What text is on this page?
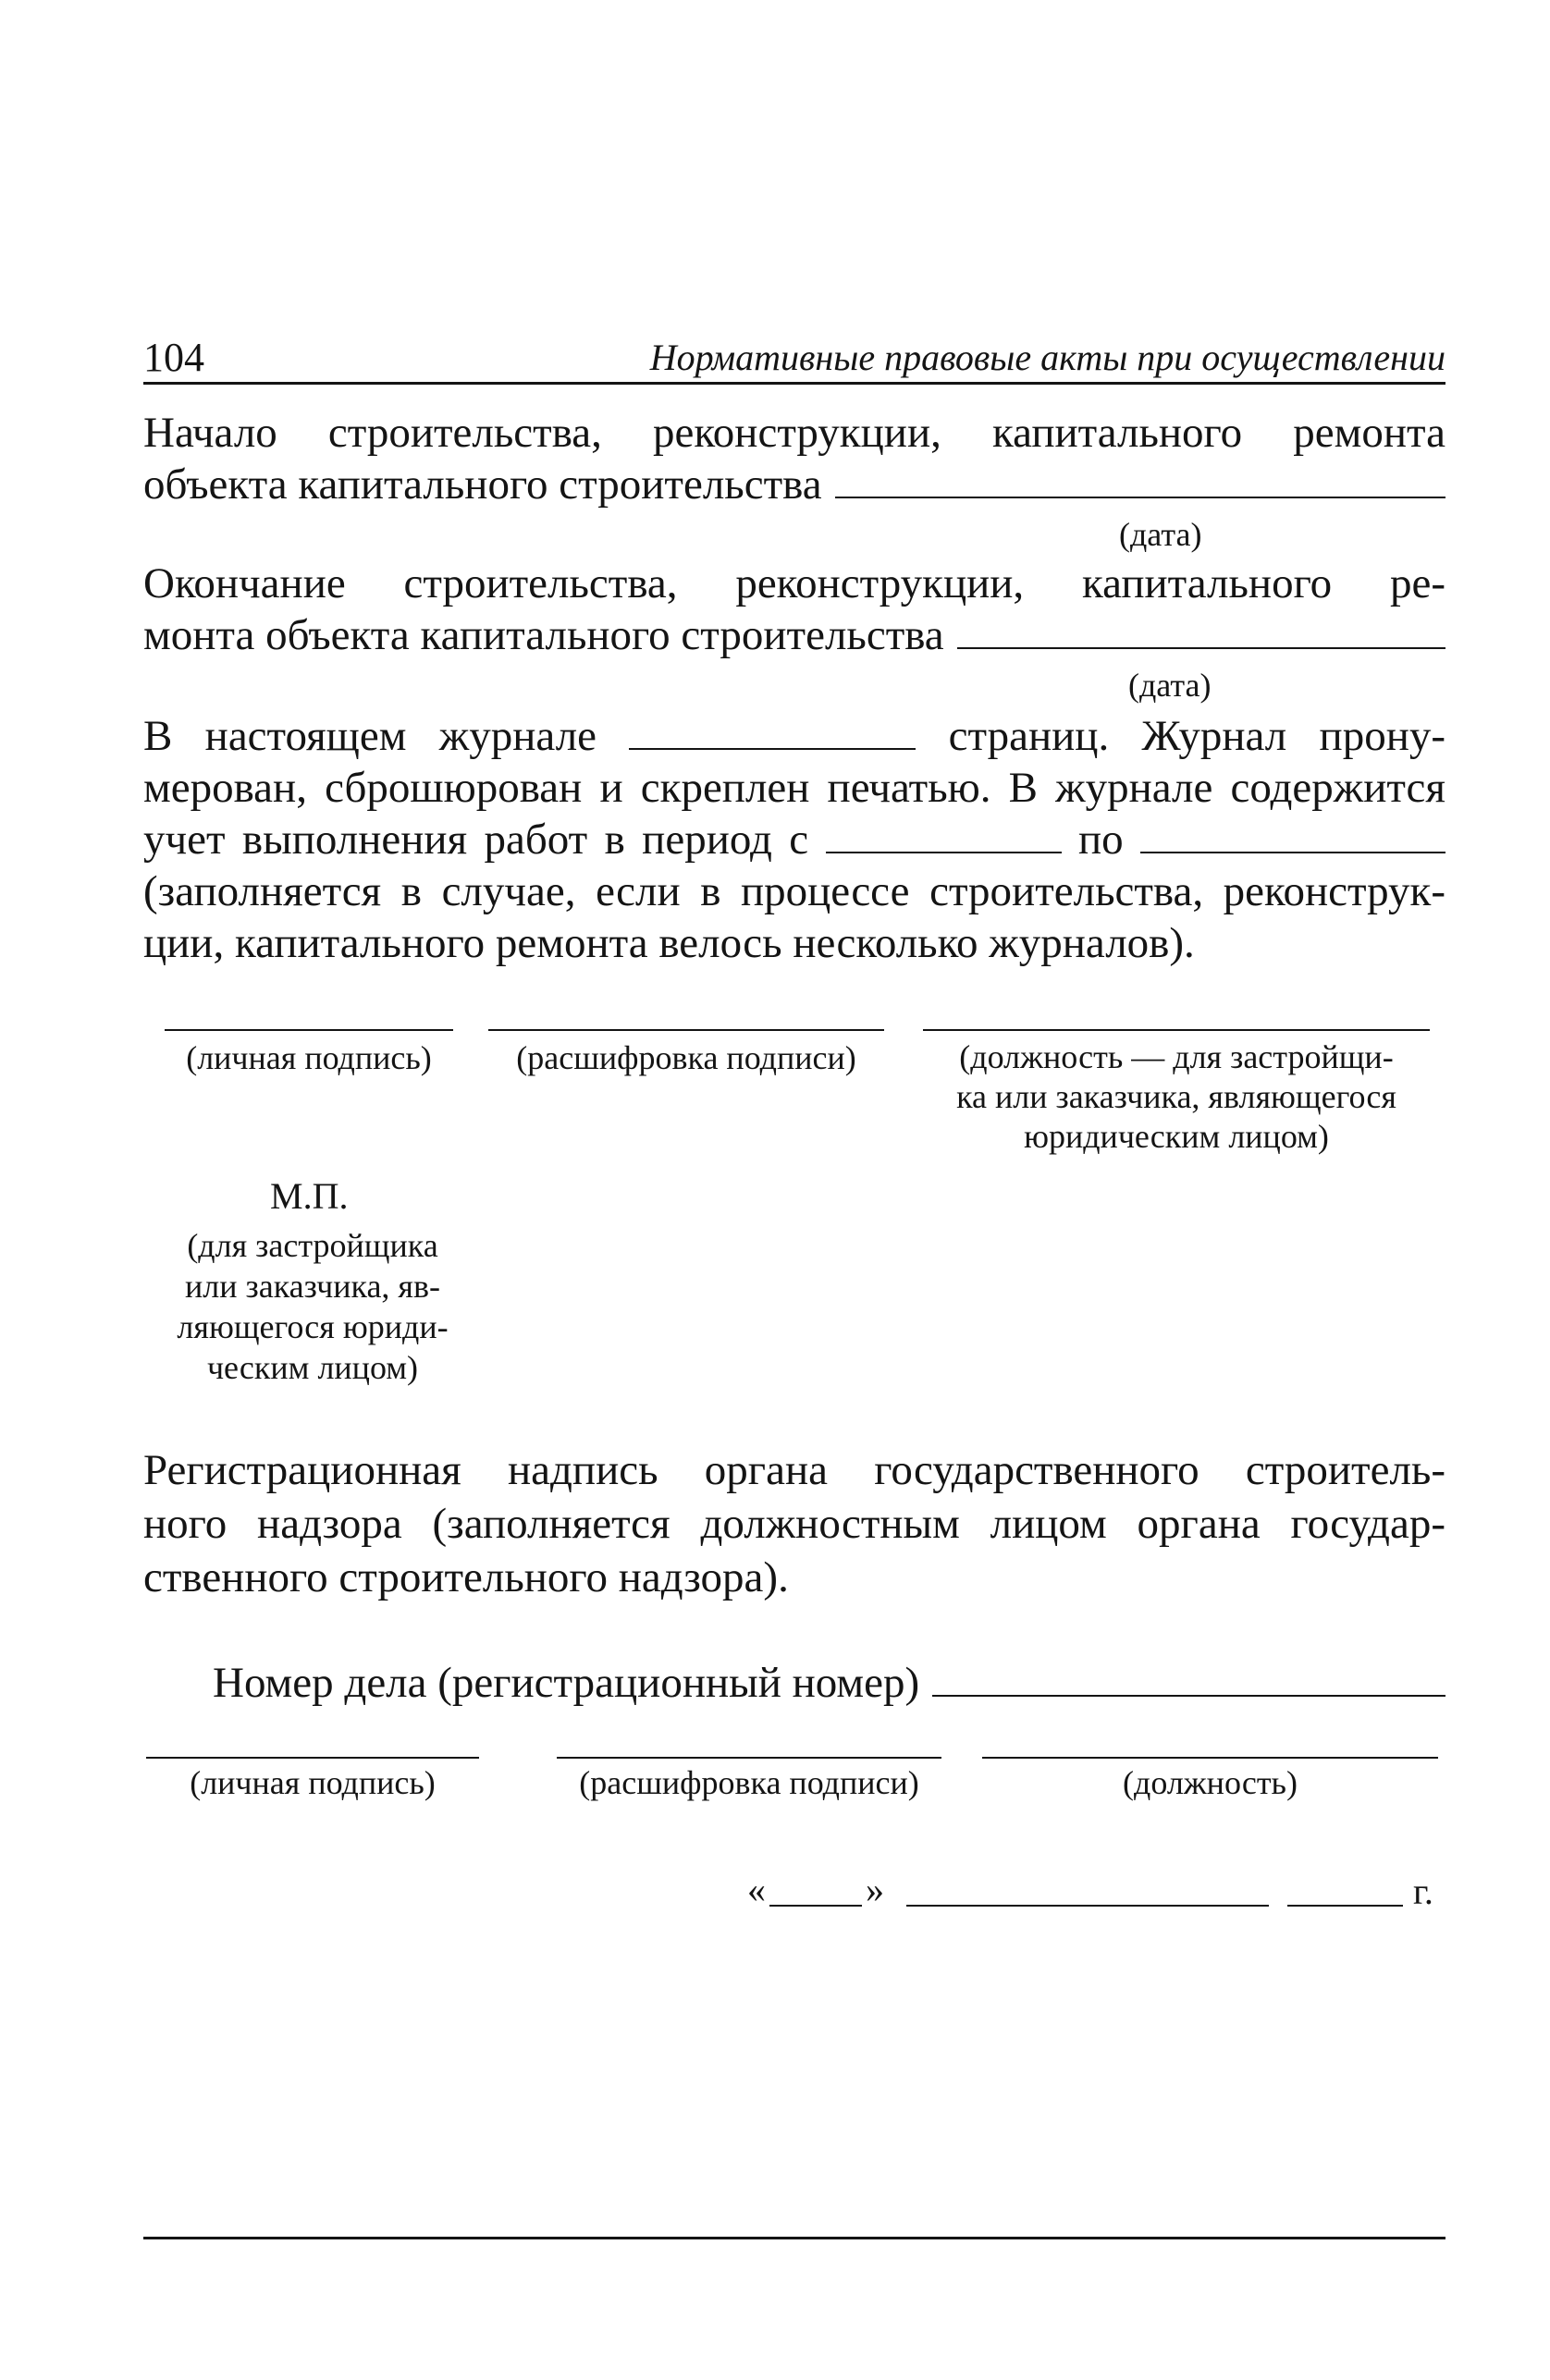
104	Нормативные правовые акты при осуществлении
Начало строительства, реконструкции, капитального ремонта
объекта капитального строительства
(дата)
Окончание строительства, реконструкции, капитального ре-
монта объекта капитального строительства
(дата)
В настоящем журнале	страниц. Журнал прону-
мерован, сброшюрован и скреплен печатью. В журнале содержится
учет выполнения работ в период с	по
(заполняется в случае, если в процессе строительства, реконструк-
ции, капитального ремонта велось несколько журналов).
(личная подпись)	(расшифровка подписи)	(должность — для застройщи-
ка или заказчика, являющегося
юридическим лицом)
М.П.
(для застройщика
или заказчика, яв-
ляющегося юриди-
ческим лицом)
Регистрационная надпись органа государственного строитель-
ного надзора (заполняется должностным лицом органа государ-
ственного строительного надзора).
Номер дела (регистрационный номер)
(личная подпись)	(расшифровка подписи)	(должность)
«	»	г.
